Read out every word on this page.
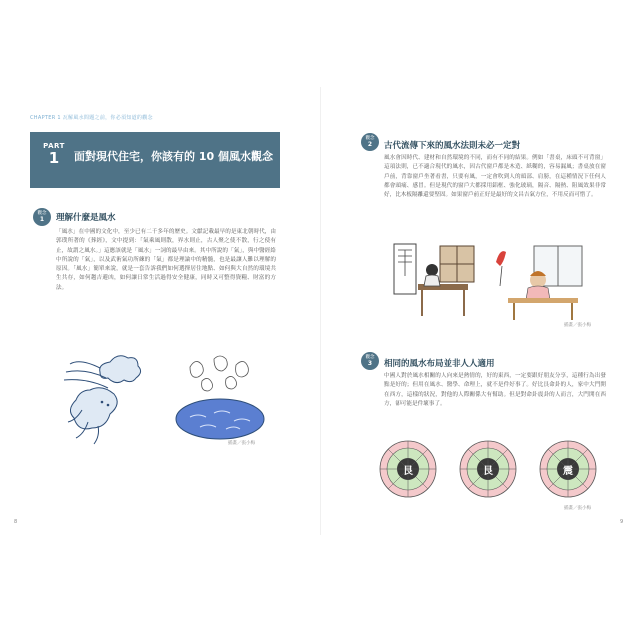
CHAPTER 1 瓦解風水問題之前，你必須知道的觀念
PART
1	面對現代住宅，你該有的 10 個風水觀念
觀念
1	理解什麼是風水
「風水」在中國的文化中，至少已有二千多年的歷史。文獻記載最早的是東北朝時代，由郭璞所著的《葬經》，文中提到：「氣乘風則散，界水則止，古人聚之使不散，行之使有止，故謂之風水。」這應該就是「風水」一詞的最早由來。其中所說的「氣」，與中醫經絡中所說的「氣」，以及武術氣功所練的「氣」都是理論中的精髓，也是最讓人難以理解的原因。「風水」簡單來說，就是一套告訴我們如何選擇居住地點、如何與大自然的環境共生共存，如何趨吉避凶，如何讓日常生活過得安全健康，同時又可整得資糧、財富的方法。
插畫／張小梅
8
觀念
2	古代流傳下來的風水法則未必一定對
風水會因時代、建材和自然環境的不同，而有不同的結果。例如「書桌，床頭不可背窗」這項法則，已不適合現代的風水，因古代窗戶都是木造、紙糊的，容易漏風；書桌放在窗戶前，背靠窗戶坐著看書，只要有風，一定會吹到人的頭部、肩膀，在這種情況下任何人都會頭痛、感冒。但是現代的窗戶大都採用鋁框、強化玻璃，隔音、隔熱、阻風效果非常好，比木板隔離還要堅固。如果窗戶前正好是最好的文昌吉氣方位，不用反而可惜了。
插畫／張小梅
觀念
3	相同的風水布局並非人人適用
中國人對於風水相關的人向來是熱情的，好的東西，一定要跟好朋友分享，這種行為出發點是好的；但用在風水、醫學、命理上，就不是件好事了。好比艮命卦的人，家中大門開在西方，這樣的狀況，對他的人際關係大有幫助。但是對命卦震卦的人而言，大門開在西方，卻可能是件壞事了。
艮	艮	震
插畫／張小梅
9
